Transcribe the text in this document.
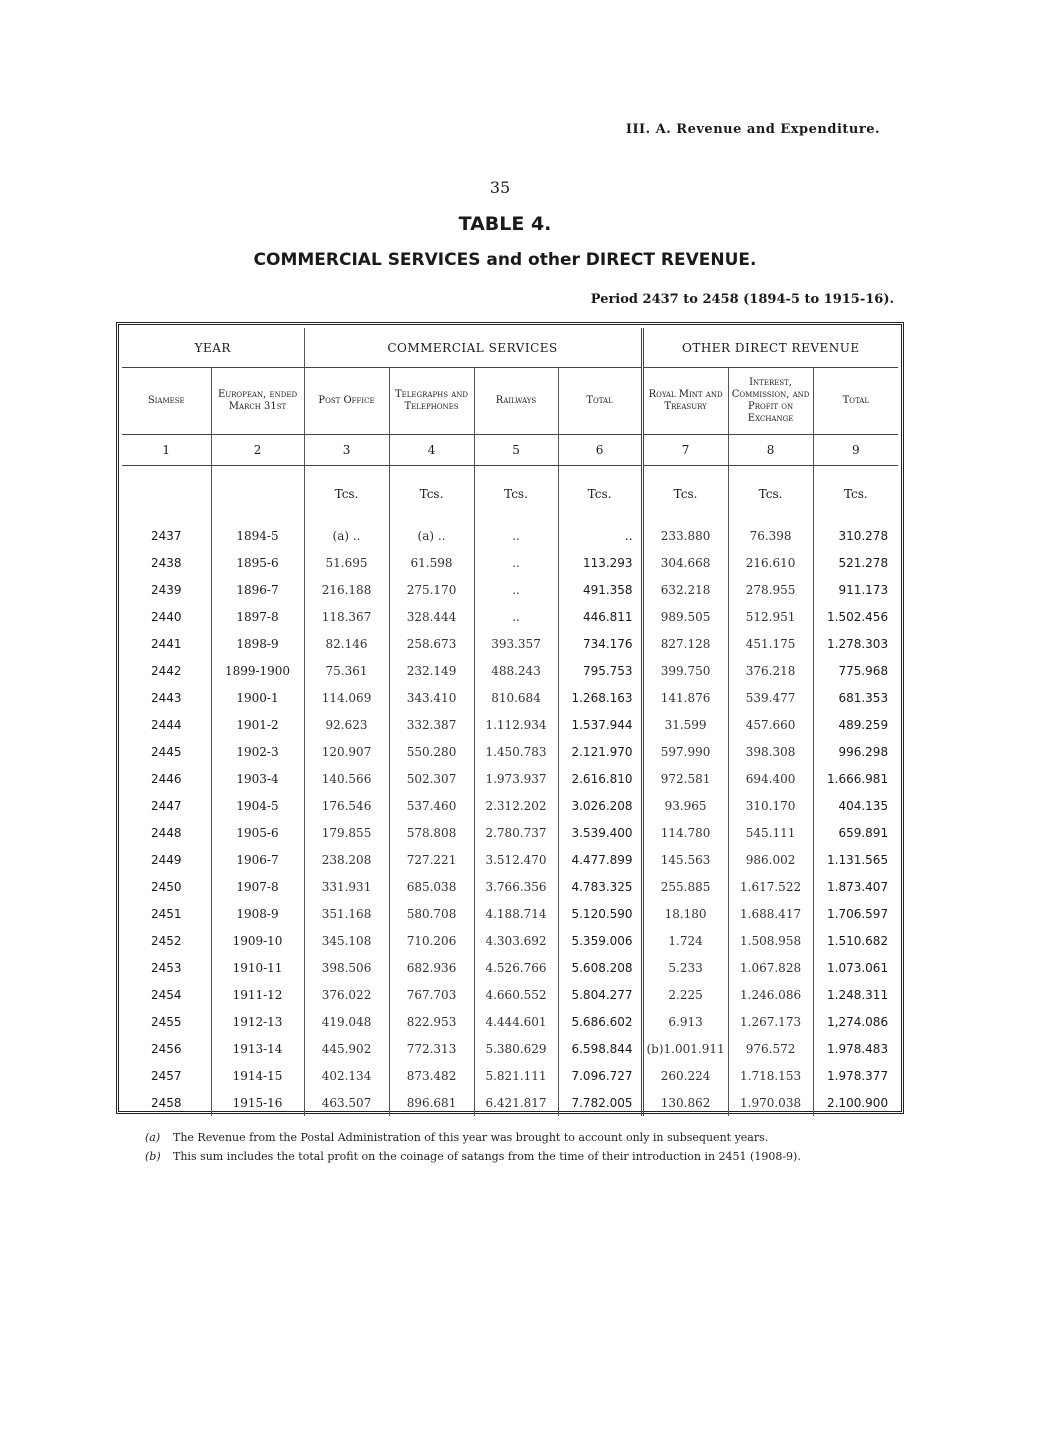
III. A. Revenue and Expenditure.
35
TABLE 4.
COMMERCIAL SERVICES and other DIRECT REVENUE.
Period 2437 to 2458 (1894-5 to 1915-16).
YEAR		COMMERCIAL SERVICES				OTHER DIRECT REVENUE		
Siamese	European, ended March 31st	Post Office	Telegraphs and Telephones	Railways	Total	Royal Mint and Treasury	Interest, Commission, and Profit on Exchange	Total
1	2	3	4	5	6	7	8	9
		Tcs.	Tcs.	Tcs.	Tcs.	Tcs.	Tcs.	Tcs.
2437	1894-5	(a) ..	(a) ..	..	..	233.880	76.398	310.278
2438	1895-6	51.695	61.598	..	113.293	304.668	216.610	521.278
2439	1896-7	216.188	275.170	..	491.358	632.218	278.955	911.173
2440	1897-8	118.367	328.444	..	446.811	989.505	512.951	1.502.456
2441	1898-9	82.146	258.673	393.357	734.176	827.128	451.175	1.278.303
2442	1899-1900	75.361	232.149	488.243	795.753	399.750	376.218	775.968
2443	1900-1	114.069	343.410	810.684	1.268.163	141.876	539.477	681.353
2444	1901-2	92.623	332.387	1.112.934	1.537.944	31.599	457.660	489.259
2445	1902-3	120.907	550.280	1.450.783	2.121.970	597.990	398.308	996.298
2446	1903-4	140.566	502.307	1.973.937	2.616.810	972.581	694.400	1.666.981
2447	1904-5	176.546	537.460	2.312.202	3.026.208	93.965	310.170	404.135
2448	1905-6	179.855	578.808	2.780.737	3.539.400	114.780	545.111	659.891
2449	1906-7	238.208	727.221	3.512.470	4.477.899	145.563	986.002	1.131.565
2450	1907-8	331.931	685.038	3.766.356	4.783.325	255.885	1.617.522	1.873.407
2451	1908-9	351.168	580.708	4.188.714	5.120.590	18.180	1.688.417	1.706.597
2452	1909-10	345.108	710.206	4.303.692	5.359.006	1.724	1.508.958	1.510.682
2453	1910-11	398.506	682.936	4.526.766	5.608.208	5.233	1.067.828	1.073.061
2454	1911-12	376.022	767.703	4.660.552	5.804.277	2.225	1.246.086	1.248.311
2455	1912-13	419.048	822.953	4.444.601	5.686.602	6.913	1.267.173	1,274.086
2456	1913-14	445.902	772.313	5.380.629	6.598.844	(b)1.001.911	976.572	1.978.483
2457	1914-15	402.134	873.482	5.821.111	7.096.727	260.224	1.718.153	1.978.377
2458	1915-16	463.507	896.681	6.421.817	7.782.005	130.862	1.970.038	2.100.900
(a) The Revenue from the Postal Administration of this year was brought to account only in subsequent years.
(b) This sum includes the total profit on the coinage of satangs from the time of their introduction in 2451 (1908-9).
